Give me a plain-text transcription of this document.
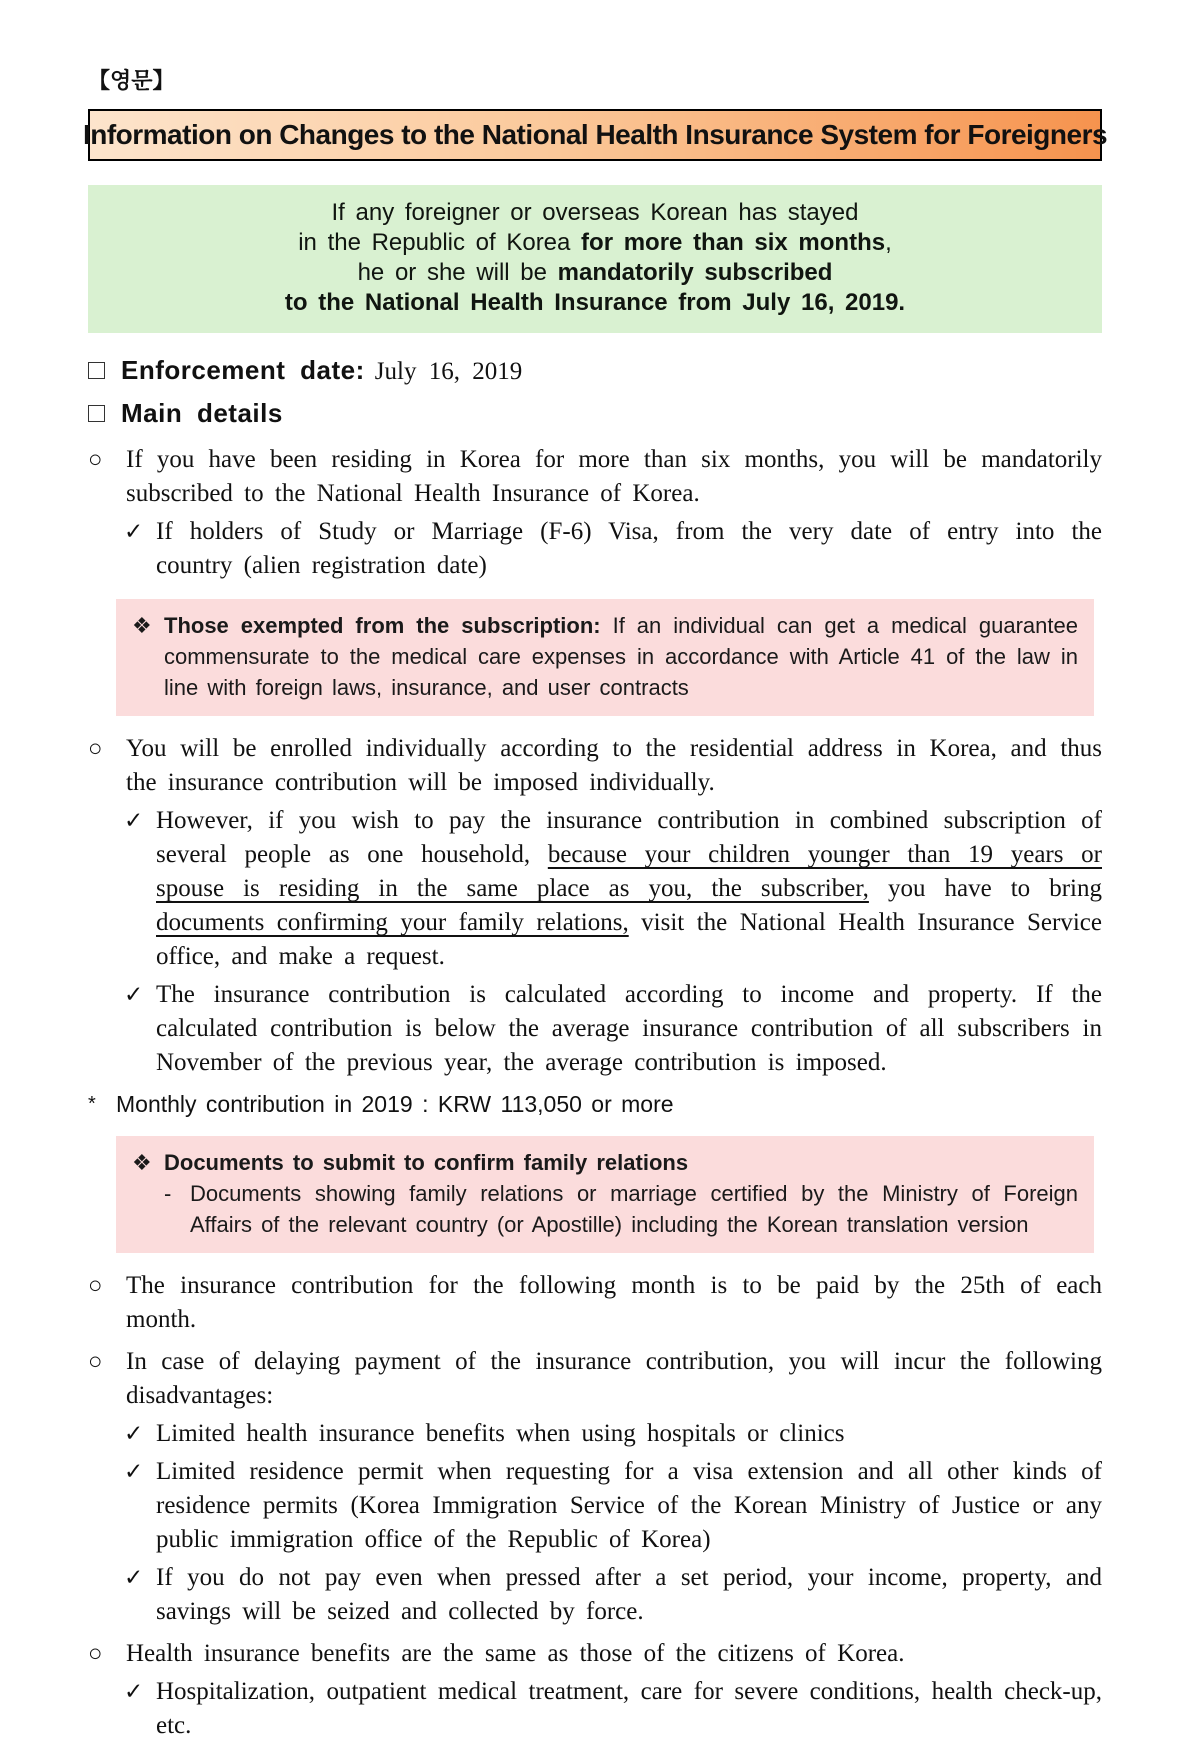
【영문】
Information on Changes to the National Health Insurance System for Foreigners
If any foreigner or overseas Korean has stayed
in the Republic of Korea for more than six months,
he or she will be mandatorily subscribed
to the National Health Insurance from July 16, 2019.
Enforcement date: July 16, 2019
Main details
○ If you have been residing in Korea for more than six months, you will be mandatorily subscribed to the National Health Insurance of Korea.
✓ If holders of Study or Marriage (F-6) Visa, from the very date of entry into the country (alien registration date)
❖ Those exempted from the subscription: If an individual can get a medical guarantee commensurate to the medical care expenses in accordance with Article 41 of the law in line with foreign laws, insurance, and user contracts
○ You will be enrolled individually according to the residential address in Korea, and thus the insurance contribution will be imposed individually.
✓ However, if you wish to pay the insurance contribution in combined subscription of several people as one household, because your children younger than 19 years or spouse is residing in the same place as you, the subscriber, you have to bring documents confirming your family relations, visit the National Health Insurance Service office, and make a request.
✓ The insurance contribution is calculated according to income and property. If the calculated contribution is below the average insurance contribution of all subscribers in November of the previous year, the average contribution is imposed.
* Monthly contribution in 2019 : KRW 113,050 or more
❖ Documents to submit to confirm family relations
- Documents showing family relations or marriage certified by the Ministry of Foreign Affairs of the relevant country (or Apostille) including the Korean translation version
○ The insurance contribution for the following month is to be paid by the 25th of each month.
○ In case of delaying payment of the insurance contribution, you will incur the following disadvantages:
✓ Limited health insurance benefits when using hospitals or clinics
✓ Limited residence permit when requesting for a visa extension and all other kinds of residence permits (Korea Immigration Service of the Korean Ministry of Justice or any public immigration office of the Republic of Korea)
✓ If you do not pay even when pressed after a set period, your income, property, and savings will be seized and collected by force.
○ Health insurance benefits are the same as those of the citizens of Korea.
✓ Hospitalization, outpatient medical treatment, care for severe conditions, health check-up, etc.
